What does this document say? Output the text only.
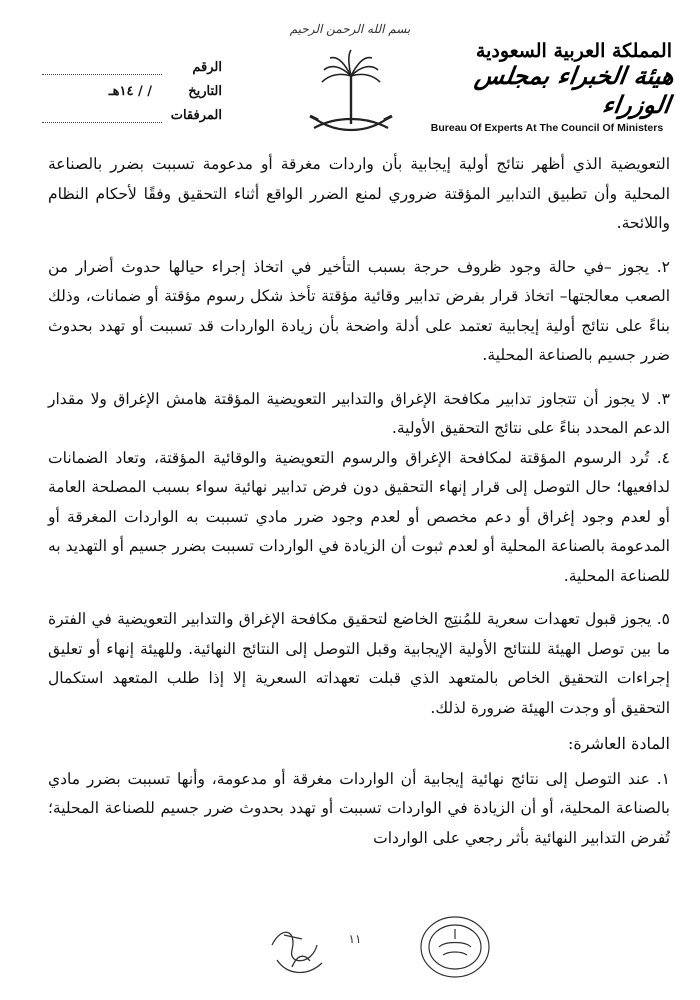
بسم الله الرحمن الرحيم
المملكة العربية السعودية
هيئة الخبراء بمجلس الوزراء
Bureau Of Experts At The Council Of Ministers
الرقم
التاريخ
/ / ١٤هـ
المرفقات

التعويضية الذي أظهر نتائج أولية إيجابية بأن واردات مغرقة أو مدعومة تسببت بضرر بالصناعة المحلية وأن تطبيق التدابير المؤقتة ضروري لمنع الضرر الواقع أثناء التحقيق وفقًا لأحكام النظام واللائحة.

٢. يجوز –في حالة وجود ظروف حرجة بسبب التأخير في اتخاذ إجراء حيالها حدوث أضرار من الصعب معالجتها– اتخاذ قرار بفرض تدابير وقائية مؤقتة تأخذ شكل رسوم مؤقتة أو ضمانات، وذلك بناءً على نتائج أولية إيجابية تعتمد على أدلة واضحة بأن زيادة الواردات قد تسببت أو تهدد بحدوث ضرر جسيم بالصناعة المحلية.

٣. لا يجوز أن تتجاوز تدابير مكافحة الإغراق والتدابير التعويضية المؤقتة هامش الإغراق ولا مقدار الدعم المحدد بناءً على نتائج التحقيق الأولية.

٤. تُرد الرسوم المؤقتة لمكافحة الإغراق والرسوم التعويضية والوقائية المؤقتة، وتعاد الضمانات لدافعيها؛ حال التوصل إلى قرار إنهاء التحقيق دون فرض تدابير نهائية سواء بسبب المصلحة العامة أو لعدم وجود إغراق أو دعم مخصص أو لعدم وجود ضرر مادي تسببت به الواردات المغرقة أو المدعومة بالصناعة المحلية أو لعدم ثبوت أن الزيادة في الواردات تسببت بضرر جسيم أو التهديد به للصناعة المحلية.

٥. يجوز قبول تعهدات سعرية للمُنتِج الخاضع لتحقيق مكافحة الإغراق والتدابير التعويضية في الفترة ما بين توصل الهيئة للنتائج الأولية الإيجابية وقبل التوصل إلى النتائج النهائية. وللهيئة إنهاء أو تعليق إجراءات التحقيق الخاص بالمتعهد الذي قبلت تعهداته السعرية إلا إذا طلب المتعهد استكمال التحقيق أو وجدت الهيئة ضرورة لذلك.

المادة العاشرة:

١. عند التوصل إلى نتائج نهائية إيجابية أن الواردات مغرقة أو مدعومة، وأنها تسببت بضرر مادي بالصناعة المحلية، أو أن الزيادة في الواردات تسببت أو تهدد بحدوث ضرر جسيم للصناعة المحلية؛ تُفرض التدابير النهائية بأثر رجعي على الواردات

١١
